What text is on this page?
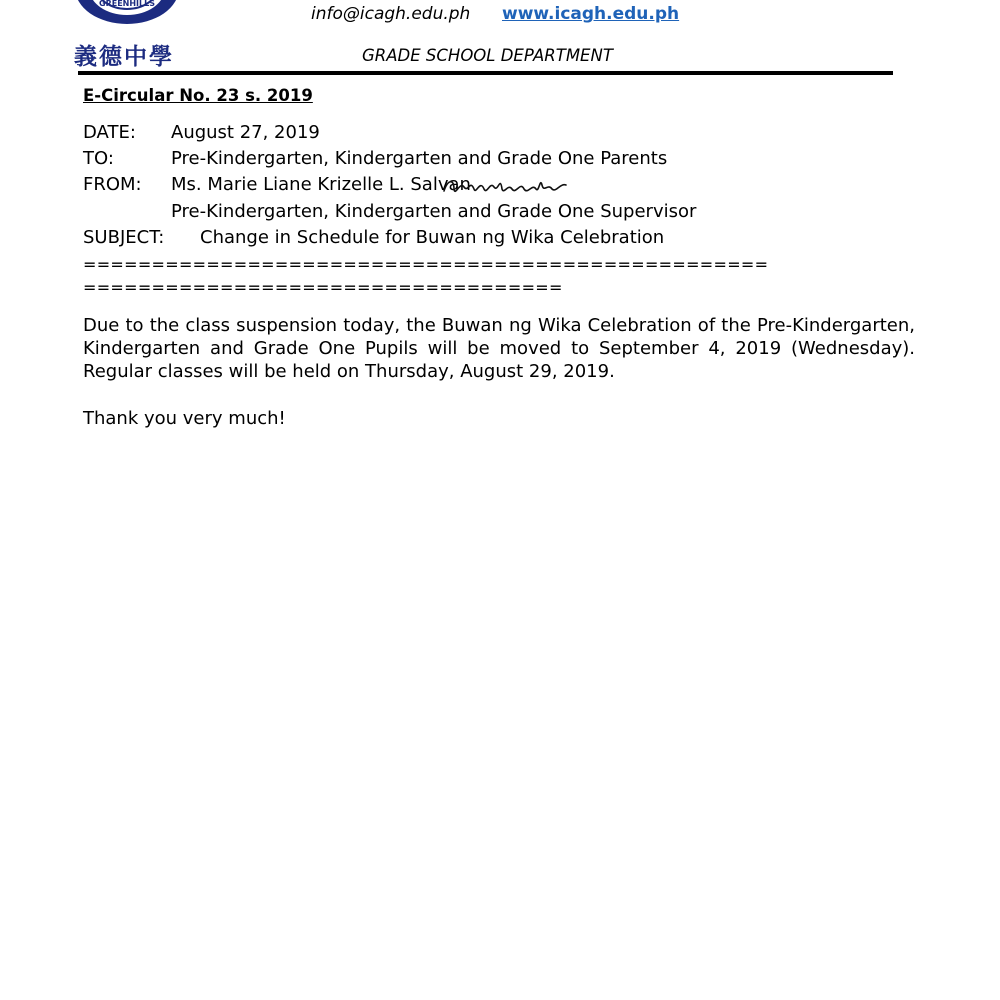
GREENHILLS
義德中學
info@icagh.edu.ph www.icagh.edu.ph
GRADE SCHOOL DEPARTMENT
E-Circular No. 23 s. 2019
DATE: August 27, 2019
TO:	Pre-Kindergarten, Kindergarten and Grade One Parents
FROM: Ms. Marie Liane Krizelle L. Salvan
Pre-Kindergarten, Kindergarten and Grade One Supervisor
SUBJECT: Change in Schedule for Buwan ng Wika Celebration
==================================================
===================================
Due to the class suspension today, the Buwan ng Wika Celebration of the Pre-Kindergarten, Kindergarten and Grade One Pupils will be moved to September 4, 2019 (Wednesday). Regular classes will be held on Thursday, August 29, 2019.
Thank you very much!
